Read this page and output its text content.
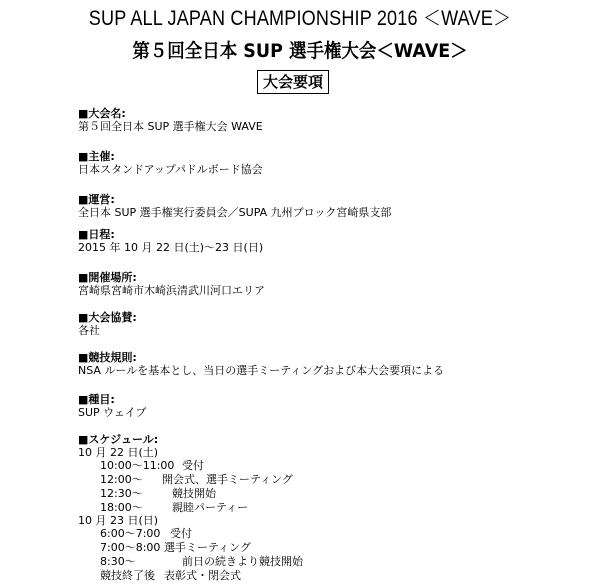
SUP ALL JAPAN CHAMPIONSHIP 2016 ＜WAVE＞
第５回全日本 SUP 選手権大会＜WAVE＞
大会要項
■大会名:
第５回全日本 SUP 選手権大会 WAVE
■主催:
日本スタンドアップパドルボード協会
■運営:
全日本 SUP 選手権実行委員会／SUPA 九州ブロック宮崎県支部
■日程:
2015 年 10 月 22 日(土)～23 日(日)
■開催場所:
宮崎県宮崎市木崎浜清武川河口エリア
■大会協賛:
各社
■競技規則:
NSA ルールを基本とし、当日の選手ミーティングおよび本大会要項による
■種目:
SUP ウェイブ
■スケジュール:
10 月 22 日(土)
10:00～11:00 受付
12:00～ 開会式、選手ミーティング
12:30～	競技開始
18:00～	親睦パーティー
10 月 23 日(日)
6:00～7:00 受付
7:00～8:00 選手ミーティング
8:30～	前日の続きより競技開始
競技終了後 表彰式・閉会式
